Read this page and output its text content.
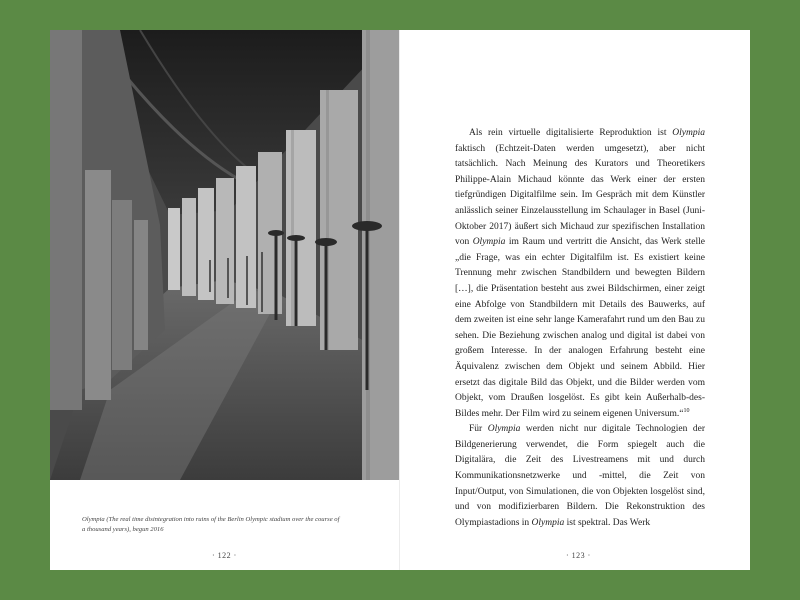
Olympia (The real time disintegration into ruins of the Berlin Olympic stadium over the course of a thousand years), begun 2016
· 122 ·

Als rein virtuelle digitalisierte Reproduktion ist Olympia faktisch (Echtzeit-Daten werden umgesetzt), aber nicht tatsächlich. Nach Meinung des Kurators und Theoretikers Philippe-Alain Michaud könnte das Werk einer der ersten tiefgründigen Digitalfilme sein. Im Gespräch mit dem Künstler anlässlich seiner Einzelausstellung im Schaulager in Basel (Juni-Oktober 2017) äußert sich Michaud zur spezifischen Installation von Olympia im Raum und vertritt die Ansicht, das Werk stelle „die Frage, was ein echter Digitalfilm ist. Es existiert keine Trennung mehr zwischen Standbildern und bewegten Bildern […], die Präsentation besteht aus zwei Bildschirmen, einer zeigt eine Abfolge von Standbildern mit Details des Bauwerks, auf dem zweiten ist eine sehr lange Kamerafahrt rund um den Bau zu sehen. Die Beziehung zwischen analog und digital ist dabei von großem Interesse. In der analogen Erfahrung besteht eine Äquivalenz zwischen dem Objekt und seinem Abbild. Hier ersetzt das digitale Bild das Objekt, und die Bilder werden vom Objekt, vom Draußen losgelöst. Es gibt kein Außerhalb-des-Bildes mehr. Der Film wird zu seinem eigenen Universum.“$^{10}$

Für Olympia werden nicht nur digitale Technologien der Bildgenerierung verwendet, die Form spiegelt auch die Digitalära, die Zeit des Livestreamens mit und durch Kommunikationsnetzwerke und -mittel, die Zeit von Input/Output, von Simulationen, die von Objekten losgelöst sind, und von modifizierbaren Bildern. Die Rekonstruktion des Olympiastadions in Olympia ist spektral. Das Werk

· 123 ·
